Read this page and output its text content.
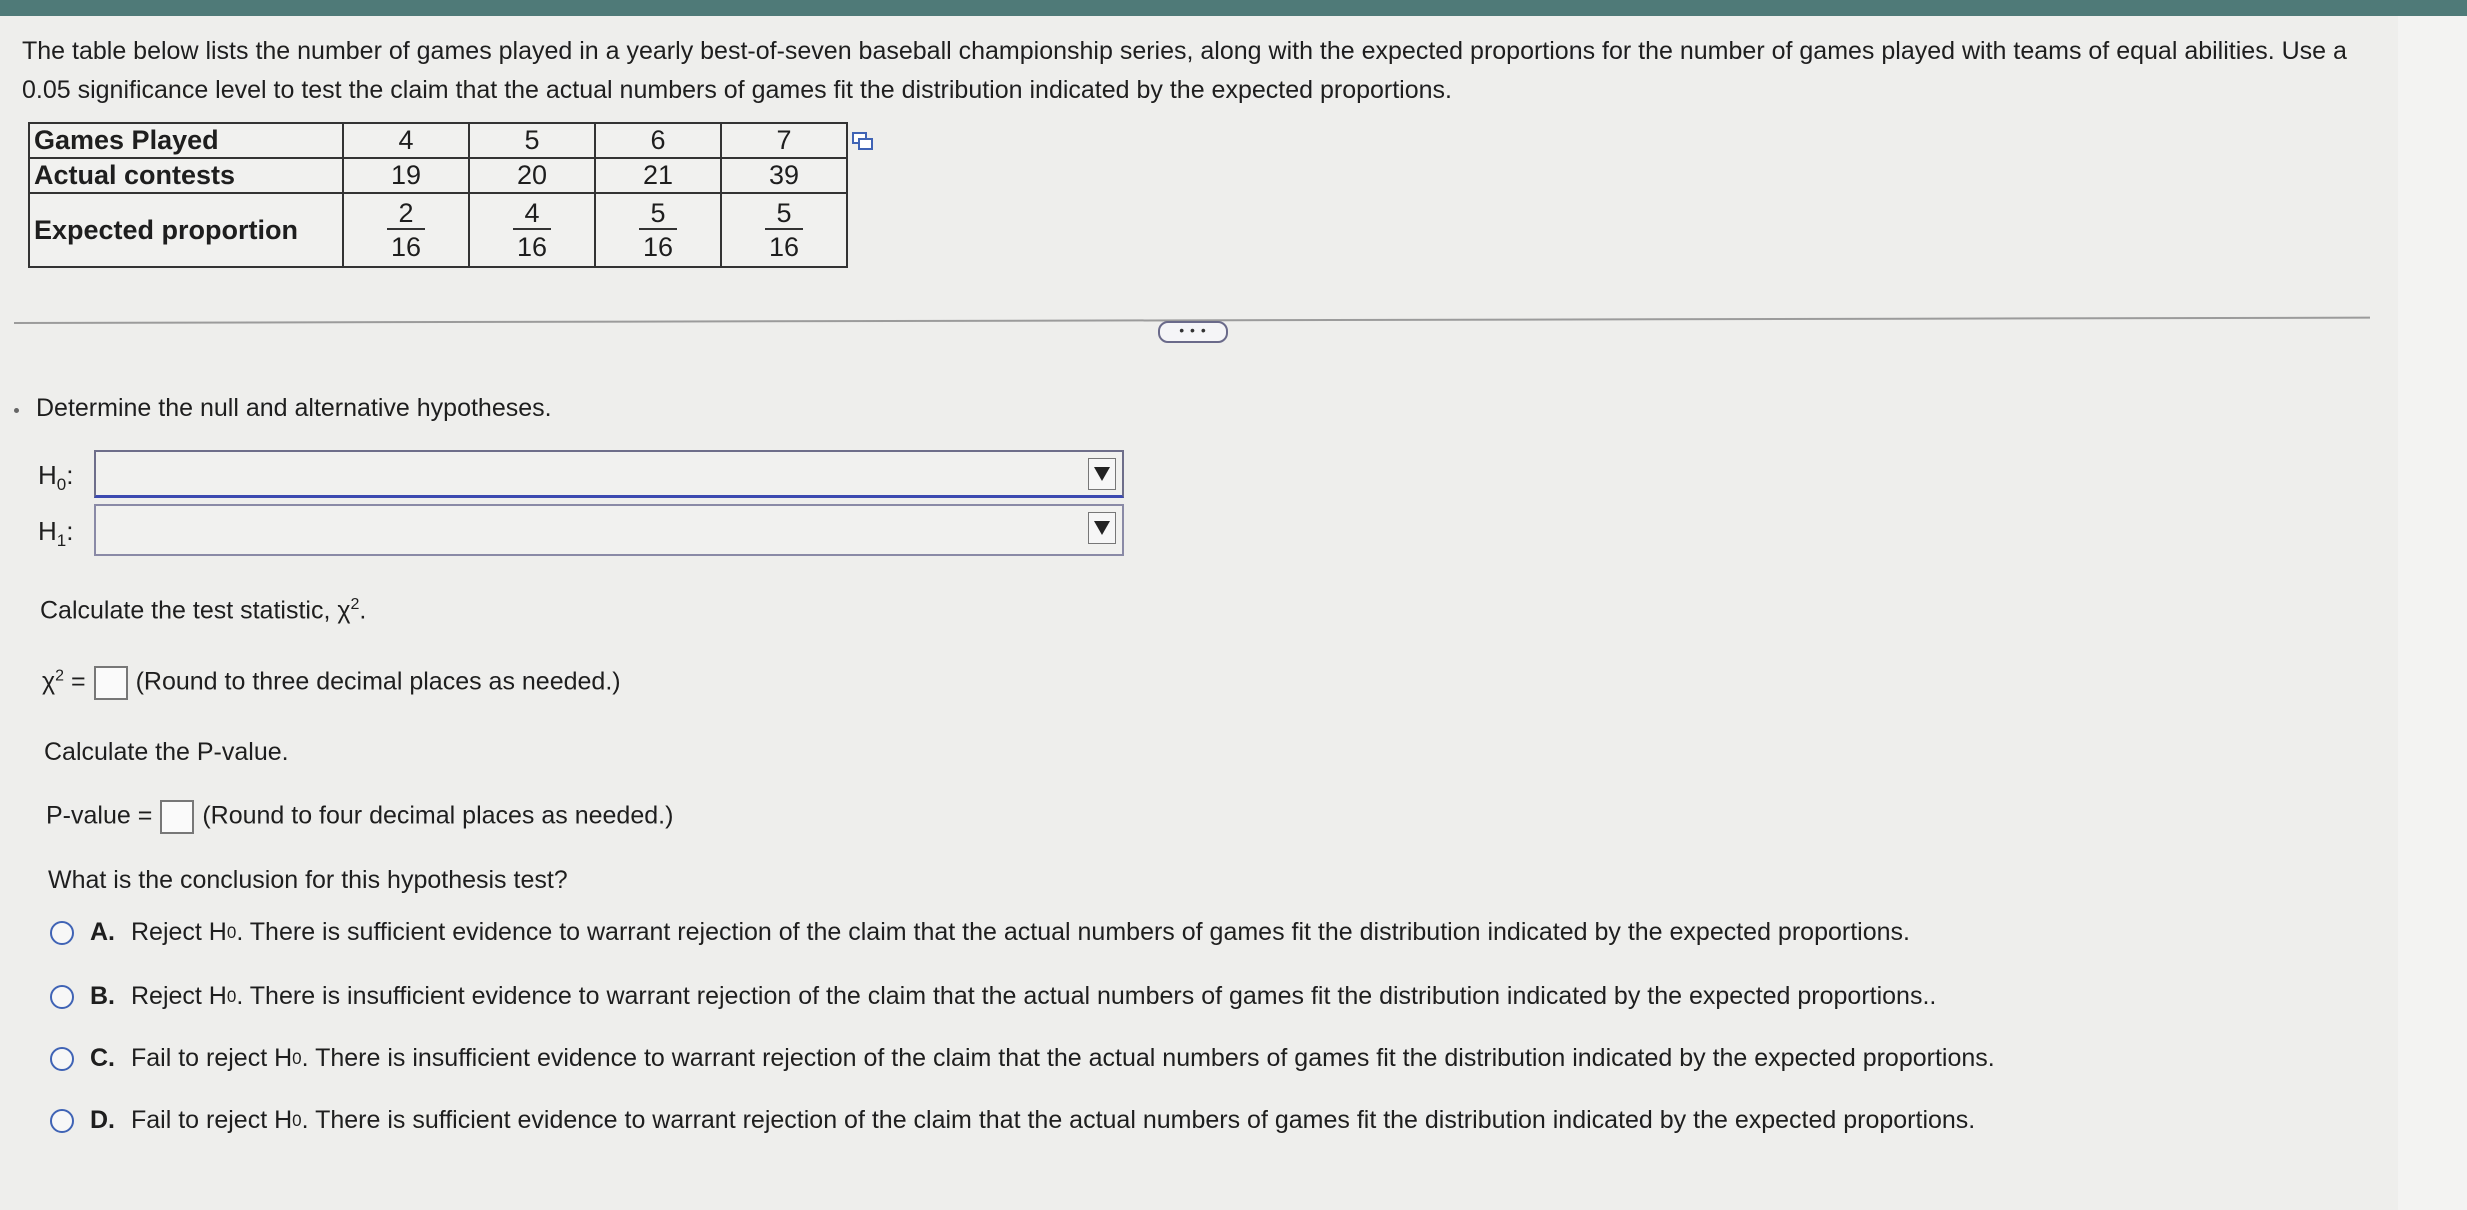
The table below lists the number of games played in a yearly best-of-seven baseball championship series, along with the expected proportions for the number of games played with teams of equal abilities. Use a 0.05 significance level to test the claim that the actual numbers of games fit the distribution indicated by the expected proportions.
Games Played	4	5	6	7
Actual contests	19	20	21	39
Expected proportion	$\frac{2}{16}$	$\frac{4}{16}$	$\frac{5}{16}$	$\frac{5}{16}$
• • •
Determine the null and alternative hypotheses.
$H_0$:
$H_1$:
Calculate the test statistic, $\chi^2$.
$\chi^2$ = (Round to three decimal places as needed.)
Calculate the P-value.
P-value = (Round to four decimal places as needed.)
What is the conclusion for this hypothesis test?
A. Reject H 0 . There is sufficient evidence to warrant rejection of the claim that the actual numbers of games fit the distribution indicated by the expected proportions.
B. Reject H 0 . There is insufficient evidence to warrant rejection of the claim that the actual numbers of games fit the distribution indicated by the expected proportions..
C. Fail to reject H 0 . There is insufficient evidence to warrant rejection of the claim that the actual numbers of games fit the distribution indicated by the expected proportions.
D. Fail to reject H 0 . There is sufficient evidence to warrant rejection of the claim that the actual numbers of games fit the distribution indicated by the expected proportions.
